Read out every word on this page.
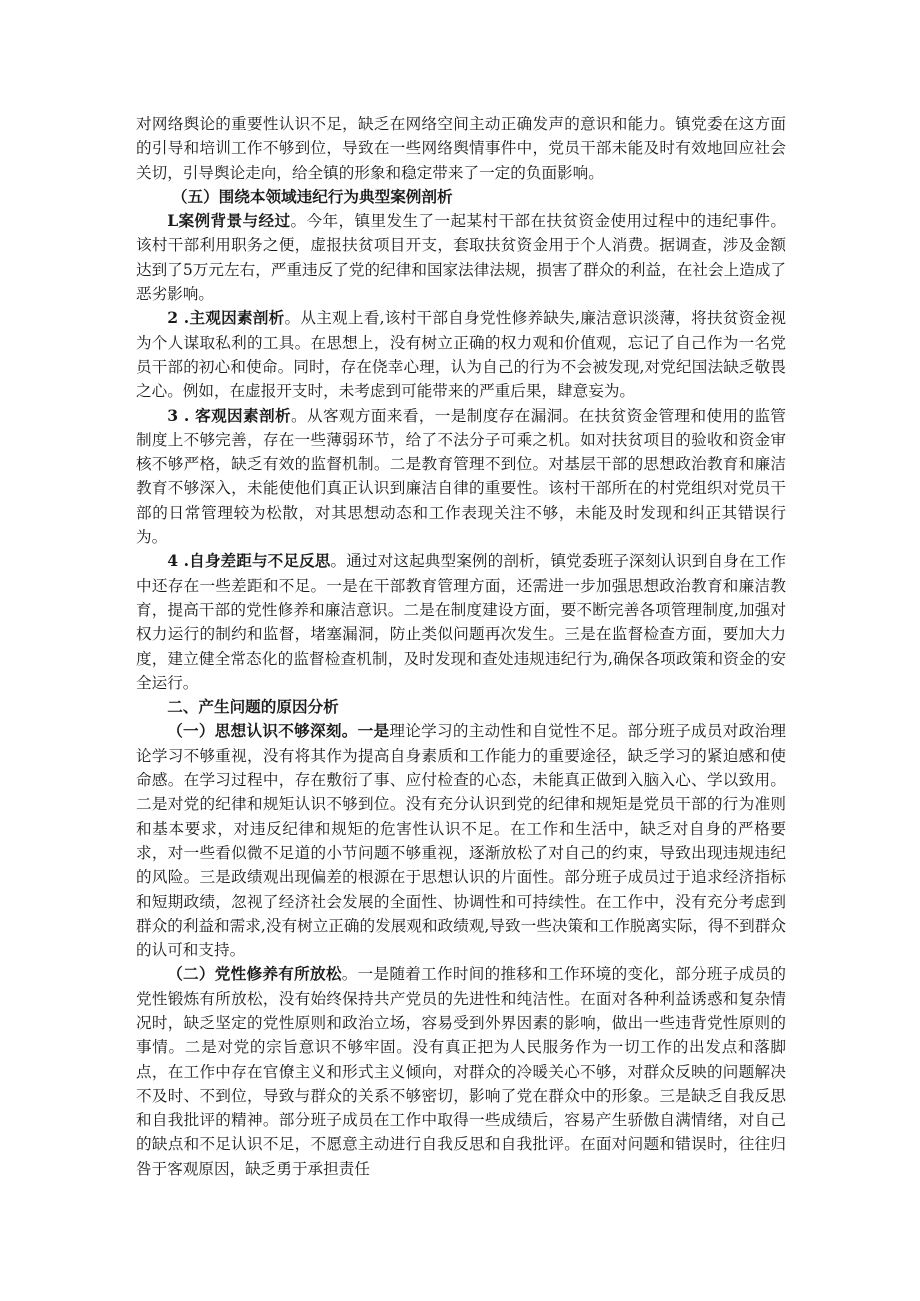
对网络舆论的重要性认识不足，缺乏在网络空间主动正确发声的意识和能力。镇党委在这方面的引导和培训工作不够到位，导致在一些网络舆情事件中，党员干部未能及时有效地回应社会关切，引导舆论走向，给全镇的形象和稳定带来了一定的负面影响。

（五）围绕本领域违纪行为典型案例剖析

L案例背景与经过。今年，镇里发生了一起某村干部在扶贫资金使用过程中的违纪事件。该村干部利用职务之便，虚报扶贫项目开支，套取扶贫资金用于个人消费。据调查，涉及金额达到了5万元左右，严重违反了党的纪律和国家法律法规，损害了群众的利益，在社会上造成了恶劣影响。

2 .主观因素剖析。从主观上看,该村干部自身党性修养缺失,廉洁意识淡薄，将扶贫资金视为个人谋取私利的工具。在思想上，没有树立正确的权力观和价值观，忘记了自己作为一名党员干部的初心和使命。同时，存在侥幸心理，认为自己的行为不会被发现,对党纪国法缺乏敬畏之心。例如，在虚报开支时，未考虑到可能带来的严重后果，肆意妄为。

3 . 客观因素剖析。从客观方面来看，一是制度存在漏洞。在扶贫资金管理和使用的监管制度上不够完善，存在一些薄弱环节，给了不法分子可乘之机。如对扶贫项目的验收和资金审核不够严格，缺乏有效的监督机制。二是教育管理不到位。对基层干部的思想政治教育和廉洁教育不够深入，未能使他们真正认识到廉洁自律的重要性。该村干部所在的村党组织对党员干部的日常管理较为松散，对其思想动态和工作表现关注不够，未能及时发现和纠正其错误行为。

4 .自身差距与不足反思。通过对这起典型案例的剖析，镇党委班子深刻认识到自身在工作中还存在一些差距和不足。一是在干部教育管理方面，还需进一步加强思想政治教育和廉洁教育，提高干部的党性修养和廉洁意识。二是在制度建设方面，要不断完善各项管理制度,加强对权力运行的制约和监督，堵塞漏洞，防止类似问题再次发生。三是在监督检查方面，要加大力度，建立健全常态化的监督检查机制，及时发现和查处违规违纪行为,确保各项政策和资金的安全运行。

二、产生问题的原因分析

（一）思想认识不够深刻。一是理论学习的主动性和自觉性不足。部分班子成员对政治理论学习不够重视，没有将其作为提高自身素质和工作能力的重要途径，缺乏学习的紧迫感和使命感。在学习过程中，存在敷衍了事、应付检查的心态，未能真正做到入脑入心、学以致用。二是对党的纪律和规矩认识不够到位。没有充分认识到党的纪律和规矩是党员干部的行为准则和基本要求，对违反纪律和规矩的危害性认识不足。在工作和生活中，缺乏对自身的严格要求，对一些看似微不足道的小节问题不够重视，逐渐放松了对自己的约束，导致出现违规违纪的风险。三是政绩观出现偏差的根源在于思想认识的片面性。部分班子成员过于追求经济指标和短期政绩，忽视了经济社会发展的全面性、协调性和可持续性。在工作中，没有充分考虑到群众的利益和需求,没有树立正确的发展观和政绩观,导致一些决策和工作脱离实际，得不到群众的认可和支持。

（二）党性修养有所放松。一是随着工作时间的推移和工作环境的变化，部分班子成员的党性锻炼有所放松，没有始终保持共产党员的先进性和纯洁性。在面对各种利益诱惑和复杂情况时，缺乏坚定的党性原则和政治立场，容易受到外界因素的影响，做出一些违背党性原则的事情。二是对党的宗旨意识不够牢固。没有真正把为人民服务作为一切工作的出发点和落脚点，在工作中存在官僚主义和形式主义倾向，对群众的冷暖关心不够，对群众反映的问题解决不及时、不到位，导致与群众的关系不够密切，影响了党在群众中的形象。三是缺乏自我反思和自我批评的精神。部分班子成员在工作中取得一些成绩后，容易产生骄傲自满情绪，对自己的缺点和不足认识不足，不愿意主动进行自我反思和自我批评。在面对问题和错误时，往往归咎于客观原因，缺乏勇于承担责任
